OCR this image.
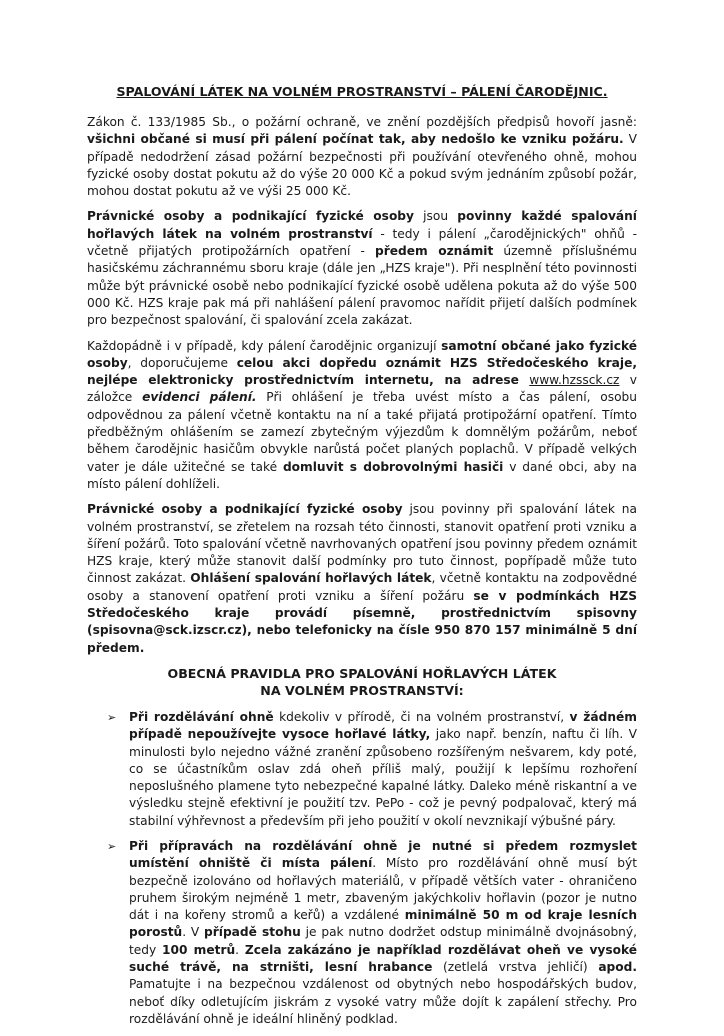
SPALOVÁNÍ LÁTEK NA VOLNÉM PROSTRANSTVÍ – PÁLENÍ ČARODĚJNIC.

Zákon č. 133/1985 Sb., o požární ochraně, ve znění pozdějších předpisů hovoří jasně: všichni občané si musí při pálení počínat tak, aby nedošlo ke vzniku požáru. V případě nedodržení zásad požární bezpečnosti při používání otevřeného ohně, mohou fyzické osoby dostat pokutu až do výše 20 000 Kč a pokud svým jednáním způsobí požár, mohou dostat pokutu až ve výši 25 000 Kč.

Právnické osoby a podnikající fyzické osoby jsou povinny každé spalování hořlavých látek na volném prostranství - tedy i pálení „čarodějnických" ohňů - včetně přijatých protipožárních opatření - předem oznámit územně příslušnému hasičskému záchrannému sboru kraje (dále jen „HZS kraje"). Při nesplnění této povinnosti může být právnické osobě nebo podnikající fyzické osobě udělena pokuta až do výše 500 000 Kč. HZS kraje pak má při nahlášení pálení pravomoc nařídit přijetí dalších podmínek pro bezpečnost spalování, či spalování zcela zakázat.

Každopádně i v případě, kdy pálení čarodějnic organizují samotní občané jako fyzické osoby, doporučujeme celou akci dopředu oznámit HZS Středočeského kraje, nejlépe elektronicky prostřednictvím internetu, na adrese www.hzssck.cz v záložce evidenci pálení. Při ohlášení je třeba uvést místo a čas pálení, osobu odpovědnou za pálení včetně kontaktu na ní a také přijatá protipožární opatření. Tímto předběžným ohlášením se zamezí zbytečným výjezdům k domnělým požárům, neboť během čarodějnic hasičům obvykle narůstá počet planých poplachů. V případě velkých vater je dále užitečné se také domluvit s dobrovolnými hasiči v dané obci, aby na místo pálení dohlíželi.

Právnické osoby a podnikající fyzické osoby jsou povinny při spalování látek na volném prostranství, se zřetelem na rozsah této činnosti, stanovit opatření proti vzniku a šíření požárů. Toto spalování včetně navrhovaných opatření jsou povinny předem oznámit HZS kraje, který může stanovit další podmínky pro tuto činnost, popřípadě může tuto činnost zakázat. Ohlášení spalování hořlavých látek, včetně kontaktu na zodpovědné osoby a stanovení opatření proti vzniku a šíření požáru se v podmínkách HZS Středočeského kraje provádí písemně, prostřednictvím spisovny (spisovna@sck.izscr.cz), nebo telefonicky na čísle 950 870 157 minimálně 5 dní předem.

OBECNÁ PRAVIDLA PRO SPALOVÁNÍ HOŘLAVÝCH LÁTEK
NA VOLNÉM PROSTRANSTVÍ:
➢ Při rozdělávání ohně kdekoliv v přírodě, či na volném prostranství, v žádném případě nepoužívejte vysoce hořlavé látky, jako např. benzín, naftu či líh. V minulosti bylo nejedno vážné zranění způsobeno rozšířeným nešvarem, kdy poté, co se účastníkům oslav zdá oheň příliš malý, použijí k lepšímu rozhoření neposlušného plamene tyto nebezpečné kapalné látky. Daleko méně riskantní a ve výsledku stejně efektivní je použití tzv. PePo - což je pevný podpalovač, který má stabilní výhřevnost a především při jeho použití v okolí nevznikají výbušné páry.
➢ Při přípravách na rozdělávání ohně je nutné si předem rozmyslet umístění ohniště či místa pálení. Místo pro rozdělávání ohně musí být bezpečně izolováno od hořlavých materiálů, v případě větších vater - ohraničeno pruhem širokým nejméně 1 metr, zbaveným jakýchkoliv hořlavin (pozor je nutno dát i na kořeny stromů a keřů) a vzdálené minimálně 50 m od kraje lesních porostů. V případě stohu je pak nutno dodržet odstup minimálně dvojnásobný, tedy 100 metrů. Zcela zakázáno je například rozdělávat oheň ve vysoké suché trávě, na strništi, lesní hrabance (zetlelá vrstva jehličí) apod. Pamatujte i na bezpečnou vzdálenost od obytných nebo hospodářských budov, neboť díky odletujícím jiskrám z vysoké vatry může dojít k zapálení střechy. Pro rozdělávání ohně je ideální hliněný podklad.
